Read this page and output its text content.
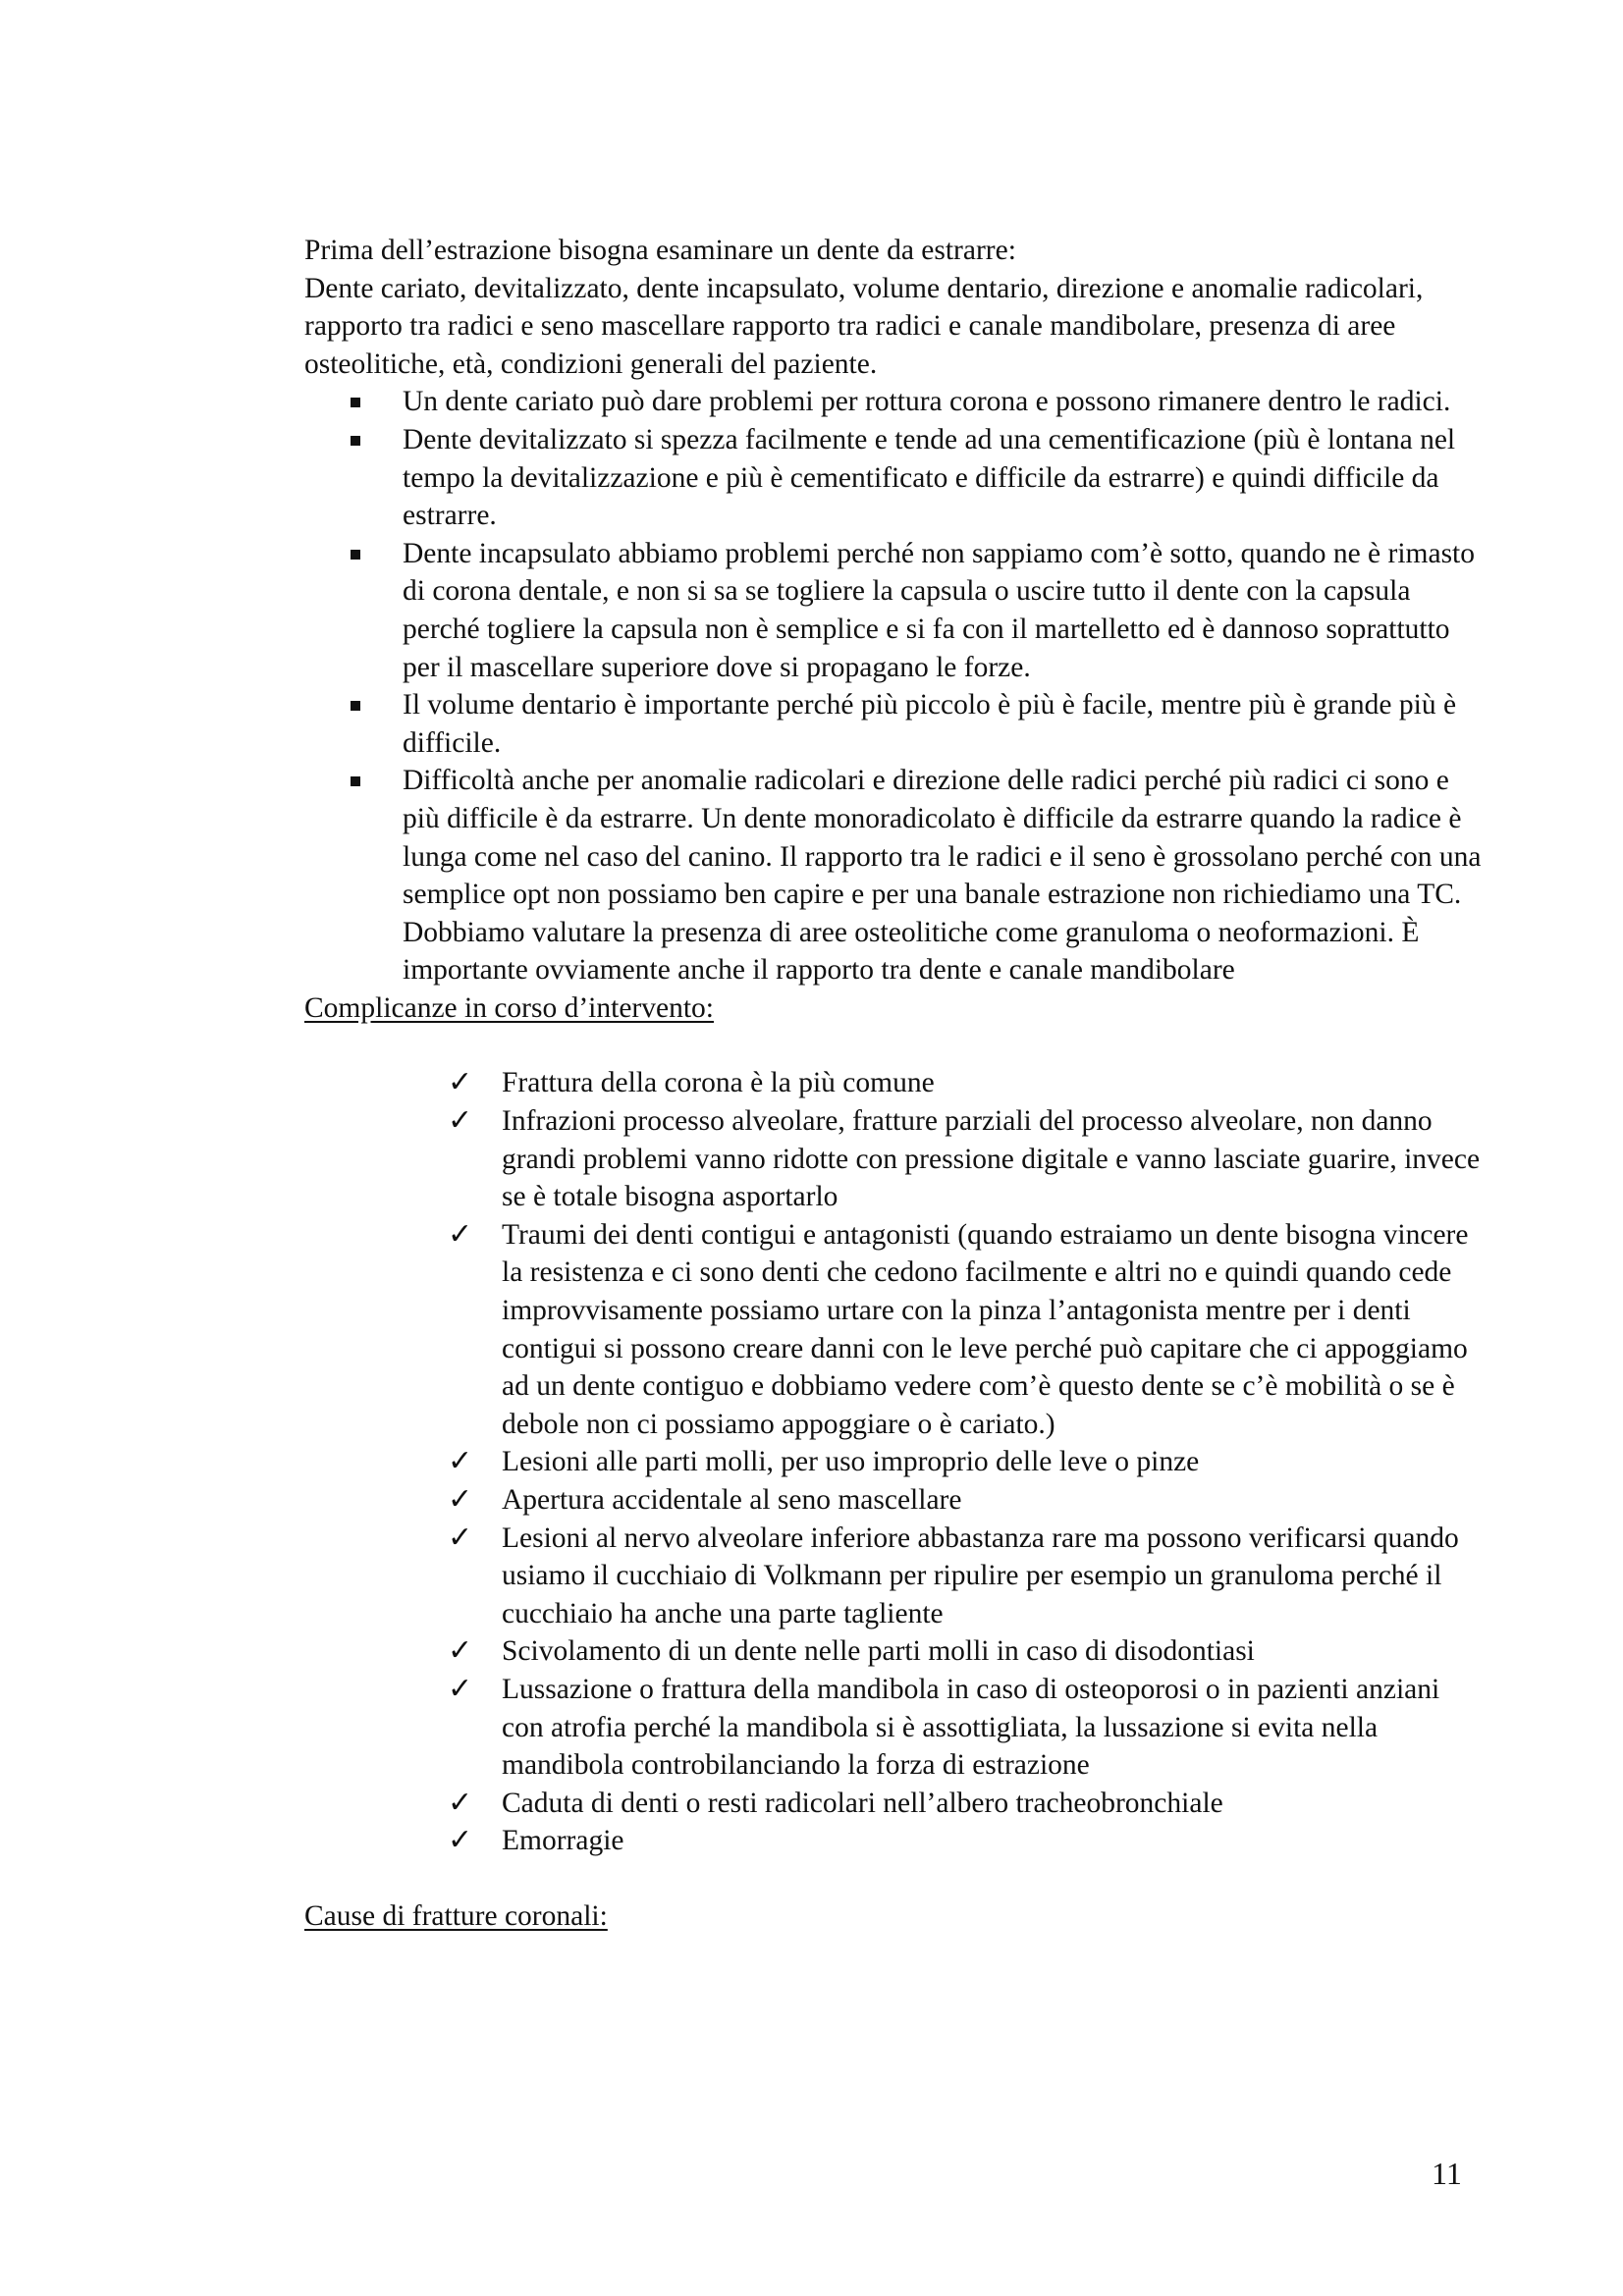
Prima dell’estrazione bisogna esaminare un dente da estrarre:

Dente cariato, devitalizzato, dente incapsulato, volume dentario, direzione e anomalie radicolari, rapporto tra radici e seno mascellare rapporto tra radici e canale mandibolare, presenza di aree osteolitiche, età, condizioni generali del paziente.

Un dente cariato può dare problemi per rottura corona e possono rimanere dentro le radici.
Dente devitalizzato si spezza facilmente e tende ad una cementificazione (più è lontana nel tempo la devitalizzazione e più è cementificato e difficile da estrarre) e quindi difficile da estrarre.
Dente incapsulato abbiamo problemi perché non sappiamo com’è sotto, quando ne è rimasto di corona dentale, e non si sa se togliere la capsula o uscire tutto il dente con la capsula perché togliere la capsula non è semplice e si fa con il martelletto ed è dannoso soprattutto per il mascellare superiore dove si propagano le forze.
Il volume dentario è importante perché più piccolo è più è facile, mentre più è grande più è difficile.
Difficoltà anche per anomalie radicolari e direzione delle radici perché più radici ci sono e più difficile è da estrarre. Un dente monoradicolato è difficile da estrarre quando la radice è lunga come nel caso del canino. Il rapporto tra le radici e il seno è grossolano perché con una semplice opt non possiamo ben capire e per una banale estrazione non richiediamo una TC. Dobbiamo valutare la presenza di aree osteolitiche come granuloma o neoformazioni. È importante ovviamente anche il rapporto tra dente e canale mandibolare

Complicanze in corso d’intervento:

✓ Frattura della corona è la più comune
✓ Infrazioni processo alveolare, fratture parziali del processo alveolare, non danno grandi problemi vanno ridotte con pressione digitale e vanno lasciate guarire, invece se è totale bisogna asportarlo
✓ Traumi dei denti contigui e antagonisti (quando estraiamo un dente bisogna vincere la resistenza e ci sono denti che cedono facilmente e altri no e quindi quando cede improvvisamente possiamo urtare con la pinza l’antagonista mentre per i denti contigui si possono creare danni con le leve perché può capitare che ci appoggiamo ad un dente contiguo e dobbiamo vedere com’è questo dente se c’è mobilità o se è debole non ci possiamo appoggiare o è cariato.)
✓ Lesioni alle parti molli, per uso improprio delle leve o pinze
✓ Apertura accidentale al seno mascellare
✓ Lesioni al nervo alveolare inferiore abbastanza rare ma possono verificarsi quando usiamo il cucchiaio di Volkmann per ripulire per esempio un granuloma perché il cucchiaio ha anche una parte tagliente
✓ Scivolamento di un dente nelle parti molli in caso di disodontiasi
✓ Lussazione o frattura della mandibola in caso di osteoporosi o in pazienti anziani con atrofia perché la mandibola si è assottigliata, la lussazione si evita nella mandibola controbilanciando la forza di estrazione
✓ Caduta di denti o resti radicolari nell’albero tracheobronchiale
✓ Emorragie

Cause di fratture coronali:

11
